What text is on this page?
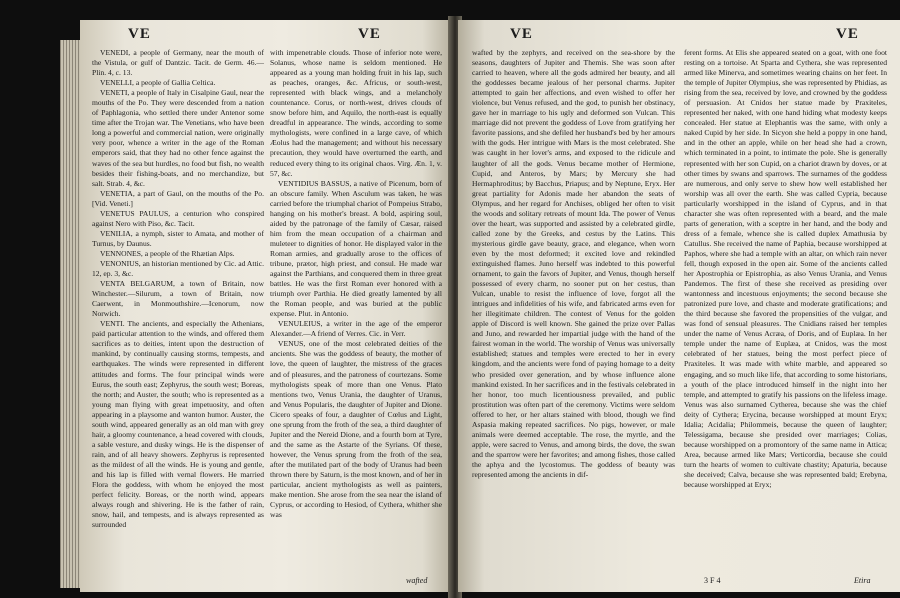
VE	VE

VENEDI, a people of Germany, near the mouth of the Vistula, or gulf of Dantzic. Tacit. de Germ. 46.—Plin. 4, c. 13.

VENELLI, a people of Gallia Celtica.

VENETI, a people of Italy in Cisalpine Gaul, near the mouths of the Po. They were descended from a nation of Paphlagonia, who settled there under Antenor some time after the Trojan war. The Venetians, who have been long a powerful and commercial nation, were originally very poor, whence a writer in the age of the Roman emperors said, that they had no other fence against the waves of the sea but hurdles, no food but fish, no wealth besides their fishing-boats, and no merchandize, but salt. Strab. 4, &c.

VENETIA, a part of Gaul, on the mouths of the Po. [Vid. Veneti.]

VENETUS PAULUS, a centurion who conspired against Nero with Piso, &c. Tacit.

VENILIA, a nymph, sister to Amata, and mother of Turnus, by Daunus.

VENNONES, a people of the Rhætian Alps.

VENONIUS, an historian mentioned by Cic. ad Attic. 12, ep. 3, &c.

VENTA BELGARUM, a town of Britain, now Winchester.—Silurum, a town of Britain, now Caerwent, in Monmouthshire.—Icenorum, now Norwich.

VENTI. The ancients, and especially the Athenians, paid particular attention to the winds, and offered them sacrifices as to deities, intent upon the destruction of mankind, by continually causing storms, tempests, and earthquakes. The winds were represented in different attitudes and forms. The four principal winds were Eurus, the south east; Zephyrus, the south west; Boreas, the north; and Auster, the south; who is represented as a young man flying with great impetuosity, and often appearing in a playsome and wanton humor. Auster, the south wind, appeared generally as an old man with grey hair, a gloomy countenance, a head covered with clouds, a sable vesture, and dusky wings. He is the dispenser of rain, and of all heavy showers. Zephyrus is represented as the mildest of all the winds. He is young and gentle, and his lap is filled with vernal flowers. He married Flora the goddess, with whom he enjoyed the most perfect felicity. Boreas, or the north wind, appears always rough and shivering. He is the father of rain, snow, hail, and tempests, and is always represented as surrounded

with impenetrable clouds. Those of inferior note were, Solanus, whose name is seldom mentioned. He appeared as a young man holding fruit in his lap, such as peaches, oranges, &c. Africus, or south-west, represented with black wings, and a melancholy countenance. Corus, or north-west, drives clouds of snow before him, and Aquilo, the north-east is equally dreadful in appearance. The winds, according to some mythologists, were confined in a large cave, of which Æolus had the management; and without his necessary precaution, they would have overturned the earth, and reduced every thing to its original chaos. Virg. Æn. 1, v. 57, &c.

VENTIDIUS BASSUS, a native of Picenum, born of an obscure family. When Asculum was taken, he was carried before the triumphal chariot of Pompeius Strabo, hanging on his mother's breast. A bold, aspiring soul, aided by the patronage of the family of Cæsar, raised him from the mean occupation of a chairman and muleteer to dignities of honor. He displayed valor in the Roman armies, and gradually arose to the offices of tribune, prætor, high priest, and consul. He made war against the Parthians, and conquered them in three great battles. He was the first Roman ever honored with a triumph over Parthia. He died greatly lamented by all the Roman people, and was buried at the public expense. Plut. in Antonio.

VENULEIUS, a writer in the age of the emperor Alexander.—A friend of Verres. Cic. in Verr.

VENUS, one of the most celebrated deities of the ancients. She was the goddess of beauty, the mother of love, the queen of laughter, the mistress of the graces and of pleasures, and the patroness of courtezans. Some mythologists speak of more than one Venus. Plato mentions two, Venus Urania, the daughter of Uranus, and Venus Popularis, the daughter of Jupiter and Dione. Cicero speaks of four, a daughter of Cœlus and Light, one sprung from the froth of the sea, a third daughter of Jupiter and the Nereid Dione, and a fourth born at Tyre, and the same as the Astarte of the Syrians. Of these, however, the Venus sprung from the froth of the sea, after the mutilated part of the body of Uranus had been thrown there by Saturn, is the most known, and of her in particular, ancient mythologists as well as painters, make mention. She arose from the sea near the island of Cyprus, or according to Hesiod, of Cythera, whither she was

wafted
VE	VE

wafted by the zephyrs, and received on the sea-shore by the seasons, daughters of Jupiter and Themis. She was soon after carried to heaven, where all the gods admired her beauty, and all the goddesses became jealous of her personal charms. Jupiter attempted to gain her affections, and even wished to offer her violence, but Venus refused, and the god, to punish her obstinacy, gave her in marriage to his ugly and deformed son Vulcan. This marriage did not prevent the goddess of Love from gratifying her favorite passions, and she defiled her husband's bed by her amours with the gods. Her intrigue with Mars is the most celebrated. She was caught in her lover's arms, and exposed to the ridicule and laughter of all the gods. Venus became mother of Hermione, Cupid, and Anteros, by Mars; by Mercury she had Hermaphroditus; by Bacchus, Priapus; and by Neptune, Eryx. Her great partiality for Adonis made her abandon the seats of Olympus, and her regard for Anchises, obliged her often to visit the woods and solitary retreats of mount Ida. The power of Venus over the heart, was supported and assisted by a celebrated girdle, called zone by the Greeks, and cestus by the Latins. This mysterious girdle gave beauty, grace, and elegance, when worn even by the most deformed; it excited love and rekindled extinguished flames. Juno herself was indebted to this powerful ornament, to gain the favors of Jupiter, and Venus, though herself possessed of every charm, no sooner put on her cestus, than Vulcan, unable to resist the influence of love, forgot all the intrigues and infidelities of his wife, and fabricated arms even for her illegitimate children. The contest of Venus for the golden apple of Discord is well known. She gained the prize over Pallas and Juno, and rewarded her impartial judge with the hand of the fairest woman in the world. The worship of Venus was universally established; statues and temples were erected to her in every kingdom, and the ancients were fond of paying homage to a deity who presided over generation, and by whose influence alone mankind existed. In her sacrifices and in the festivals celebrated in her honor, too much licentiousness prevailed, and public prostitution was often part of the ceremony. Victims were seldom offered to her, or her altars stained with blood, though we find Aspasia making repeated sacrifices. No pigs, however, or male animals were deemed acceptable. The rose, the myrtle, and the apple, were sacred to Venus, and among birds, the dove, the swan and the sparrow were her favorites; and among fishes, those called the aphya and the lycostomus. The goddess of beauty was represented among the ancients in dif-

ferent forms. At Elis she appeared seated on a goat, with one foot resting on a tortoise. At Sparta and Cythera, she was represented armed like Minerva, and sometimes wearing chains on her feet. In the temple of Jupiter Olympius, she was represented by Phidias, as rising from the sea, received by love, and crowned by the goddess of persuasion. At Cnidos her statue made by Praxiteles, represented her naked, with one hand hiding what modesty keeps concealed. Her statue at Elephantis was the same, with only a naked Cupid by her side. In Sicyon she held a poppy in one hand, and in the other an apple, while on her head she had a crown, which terminated in a point, to intimate the pole. She is generally represented with her son Cupid, on a chariot drawn by doves, or at other times by swans and sparrows. The surnames of the goddess are numerous, and only serve to shew how well established her worship was all over the earth. She was called Cypria, because particularly worshipped in the island of Cyprus, and in that character she was often represented with a beard, and the male parts of generation, with a sceptre in her hand, and the body and dress of a female, whence she is called duplex Amathusia by Catullus. She received the name of Paphia, because worshipped at Paphos, where she had a temple with an altar, on which rain never fell, though exposed in the open air. Some of the ancients called her Apostrophia or Epistrophia, as also Venus Urania, and Venus Pandemos. The first of these she received as presiding over wantonness and incestuous enjoyments; the second because she patronized pure love, and chaste and moderate gratifications; and the third because she favored the propensities of the vulgar, and was fond of sensual pleasures. The Cnidians raised her temples under the name of Venus Acræa, of Doris, and of Euplæa. In her temple under the name of Euplæa, at Cnidos, was the most celebrated of her statues, being the most perfect piece of Praxiteles. It was made with white marble, and appeared so engaging, and so much like life, that according to some historians, a youth of the place introduced himself in the night into her temple, and attempted to gratify his passions on the lifeless image. Venus was also surnamed Cytherea, because she was the chief deity of Cythera; Erycina, because worshipped at mount Eryx; Idalia; Acidalia; Philommeis, because the queen of laughter; Telessigama, because she presided over marriages; Colias, because worshipped on a promontory of the same name in Attica; Area, because armed like Mars; Verticordia, because she could turn the hearts of women to cultivate chastity; Apaturia, because she deceived; Calva, because she was represented bald; Erebyna, because worshipped at Eryx;

3 F 4	Etira
